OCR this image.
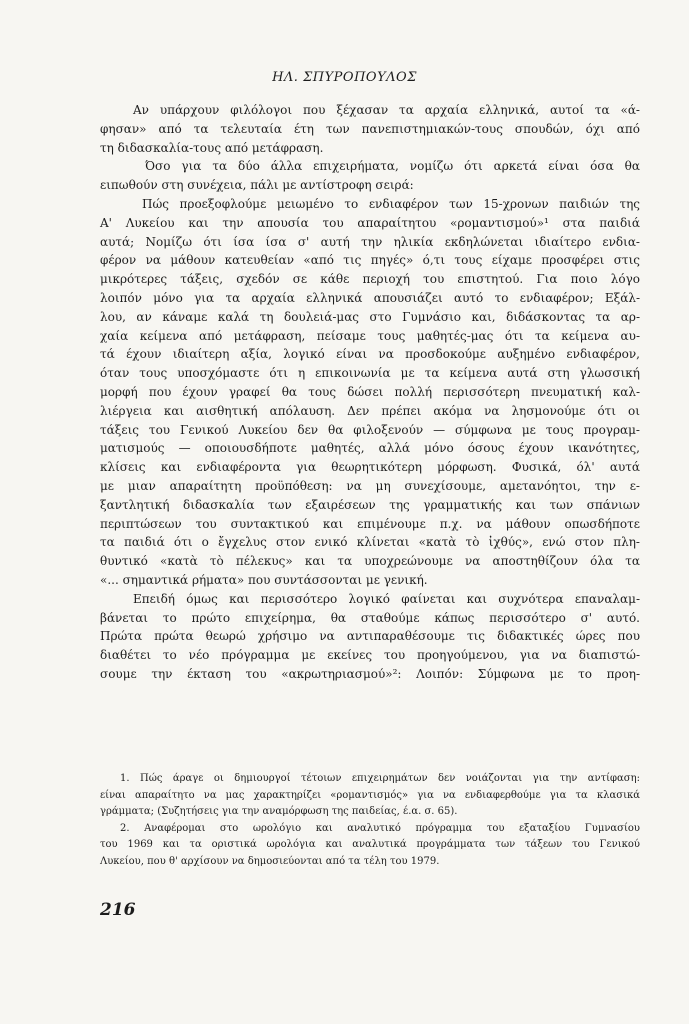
ΗΛ. ΣΠΥΡΟΠΟΥΛΟΣ
Αν υπάρχουν φιλόλογοι που ξέχασαν τα αρχαία ελληνικά, αυτοί τα «ά-
φησαν» από τα τελευταία έτη των πανεπιστημιακών-τους σπουδών, όχι από
τη διδασκαλία-τους από μετάφραση.
Όσο για τα δύο άλλα επιχειρήματα, νομίζω ότι αρκετά είναι όσα θα
ειπωθούν στη συνέχεια, πάλι με αντίστροφη σειρά:
Πώς προεξοφλούμε μειωμένο το ενδιαφέρον των 15-χρονων παιδιών της
Α' Λυκείου και την απουσία του απαραίτητου «ρομαντισμού»¹ στα παιδιά
αυτά; Νομίζω ότι ίσα ίσα σ' αυτή την ηλικία εκδηλώνεται ιδιαίτερο ενδια-
φέρον να μάθουν κατευθείαν «από τις πηγές» ό,τι τους είχαμε προσφέρει στις
μικρότερες τάξεις, σχεδόν σε κάθε περιοχή του επιστητού. Για ποιο λόγο
λοιπόν μόνο για τα αρχαία ελληνικά απουσιάζει αυτό το ενδιαφέρον; Εξάλ-
λου, αν κάναμε καλά τη δουλειά-μας στο Γυμνάσιο και, διδάσκοντας τα αρ-
χαία κείμενα από μετάφραση, πείσαμε τους μαθητές-μας ότι τα κείμενα αυ-
τά έχουν ιδιαίτερη αξία, λογικό είναι να προσδοκούμε αυξημένο ενδιαφέρον,
όταν τους υποσχόμαστε ότι η επικοινωνία με τα κείμενα αυτά στη γλωσσική
μορφή που έχουν γραφεί θα τους δώσει πολλή περισσότερη πνευματική καλ-
λιέργεια και αισθητική απόλαυση. Δεν πρέπει ακόμα να λησμονούμε ότι οι
τάξεις του Γενικού Λυκείου δεν θα φιλοξενούν — σύμφωνα με τους προγραμ-
ματισμούς — οποιουσδήποτε μαθητές, αλλά μόνο όσους έχουν ικανότητες,
κλίσεις και ενδιαφέροντα για θεωρητικότερη μόρφωση. Φυσικά, όλ' αυτά
με μιαν απαραίτητη προϋπόθεση: να μη συνεχίσουμε, αμετανόητοι, την ε-
ξαντλητική διδασκαλία των εξαιρέσεων της γραμματικής και των σπάνιων
περιπτώσεων του συντακτικού και επιμένουμε π.χ. να μάθουν οπωσδήποτε
τα παιδιά ότι ο ἔγχελυς στον ενικό κλίνεται «κατὰ τὸ ἰχθύς», ενώ στον πλη-
θυντικό «κατὰ τὸ πέλεκυς» και τα υποχρεώνουμε να αποστηθίζουν όλα τα
«... σημαντικά ρήματα» που συντάσσονται με γενική.
Επειδή όμως και περισσότερο λογικό φαίνεται και συχνότερα επαναλαμ-
βάνεται το πρώτο επιχείρημα, θα σταθούμε κάπως περισσότερο σ' αυτό.
Πρώτα πρώτα θεωρώ χρήσιμο να αντιπαραθέσουμε τις διδακτικές ώρες που
διαθέτει το νέο πρόγραμμα με εκείνες του προηγούμενου, για να διαπιστώ-
σουμε την έκταση του «ακρωτηριασμού»²: Λοιπόν: Σύμφωνα με το προη-
1. Πώς άραγε οι δημιουργοί τέτοιων επιχειρημάτων δεν νοιάζονται για την αντίφαση:
είναι απαραίτητο να μας χαρακτηρίζει «ρομαντισμός» για να ενδιαφερθούμε για τα κλασικά
γράμματα; (Συζητήσεις για την αναμόρφωση της παιδείας, έ.α. σ. 65).
2. Αναφέρομαι στο ωρολόγιο και αναλυτικό πρόγραμμα του εξαταξίου Γυμνασίου
του 1969 και τα οριστικά ωρολόγια και αναλυτικά προγράμματα των τάξεων του Γενικού
Λυκείου, που θ' αρχίσουν να δημοσιεύονται από τα τέλη του 1979.
216
